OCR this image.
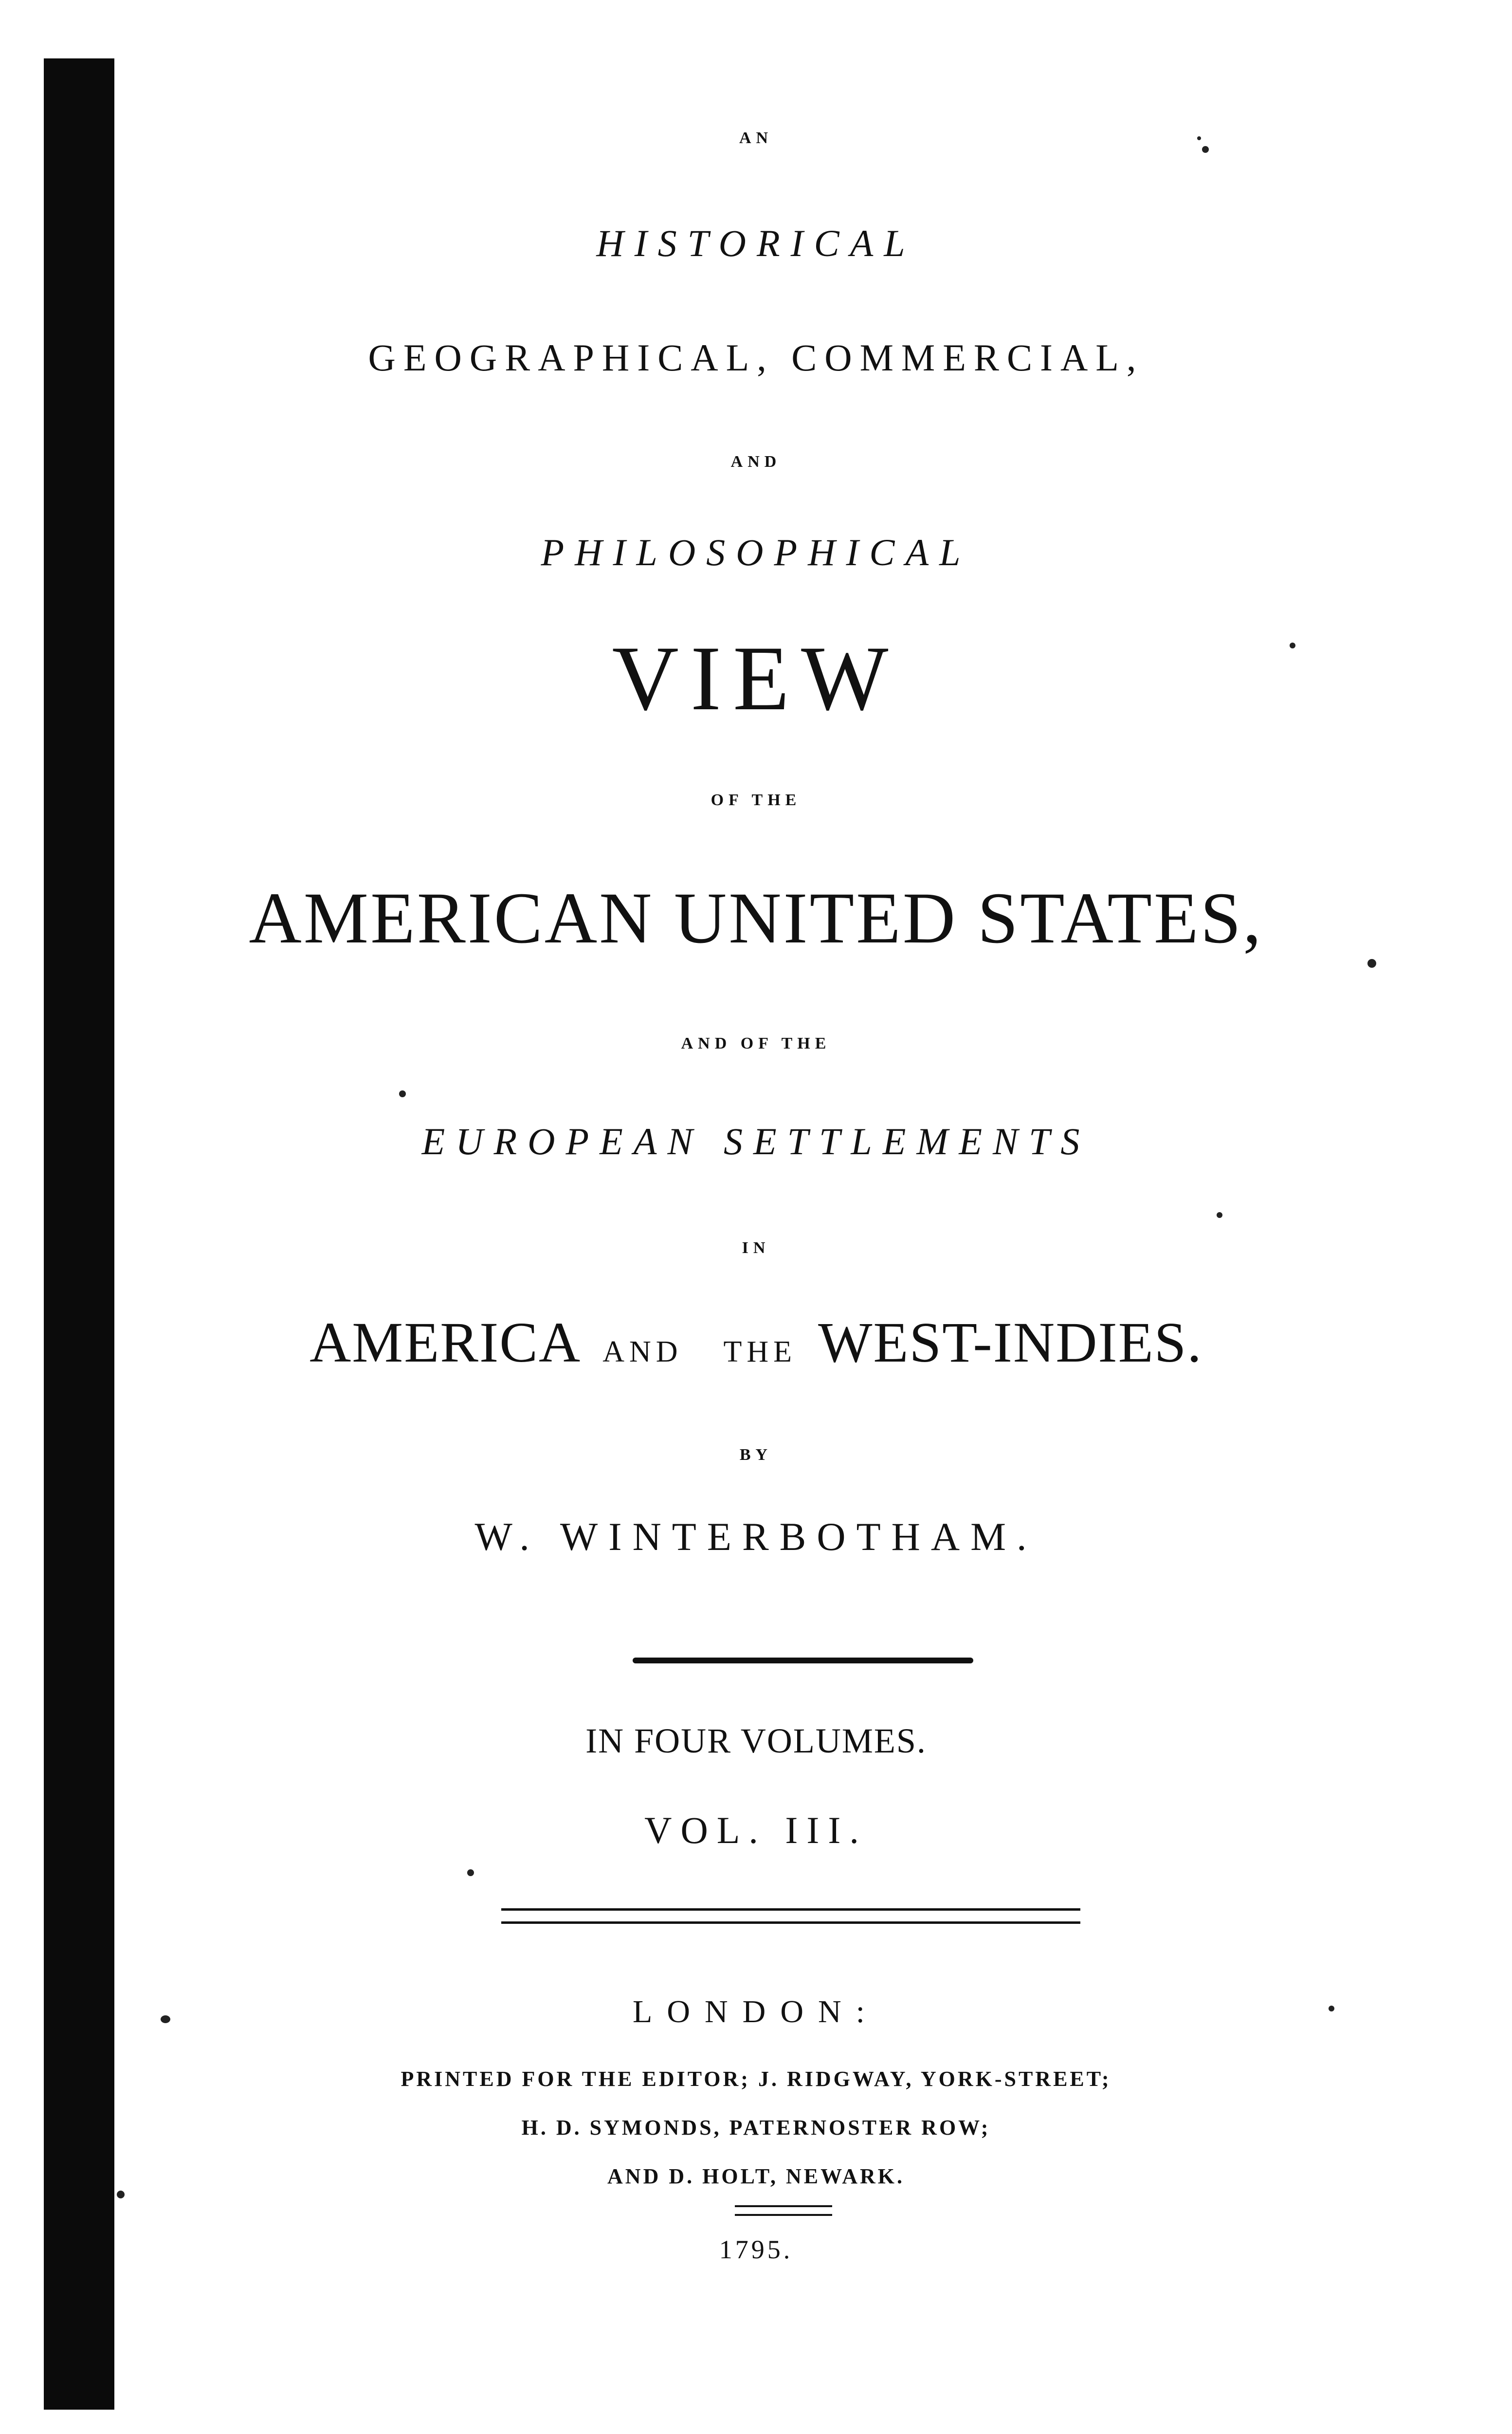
AN
HISTORICAL
GEOGRAPHICAL, COMMERCIAL,
AND
PHILOSOPHICAL
VIEW
OF THE
AMERICAN UNITED STATES,
AND OF THE
EUROPEAN SETTLEMENTS
IN
AMERICA AND THE WEST-INDIES.
BY
W. WINTERBOTHAM.
IN FOUR VOLUMES.
VOL. III.
LONDON:
PRINTED FOR THE EDITOR; J. RIDGWAY, YORK-STREET;
H. D. SYMONDS, PATERNOSTER ROW;
AND D. HOLT, NEWARK.
1795.
